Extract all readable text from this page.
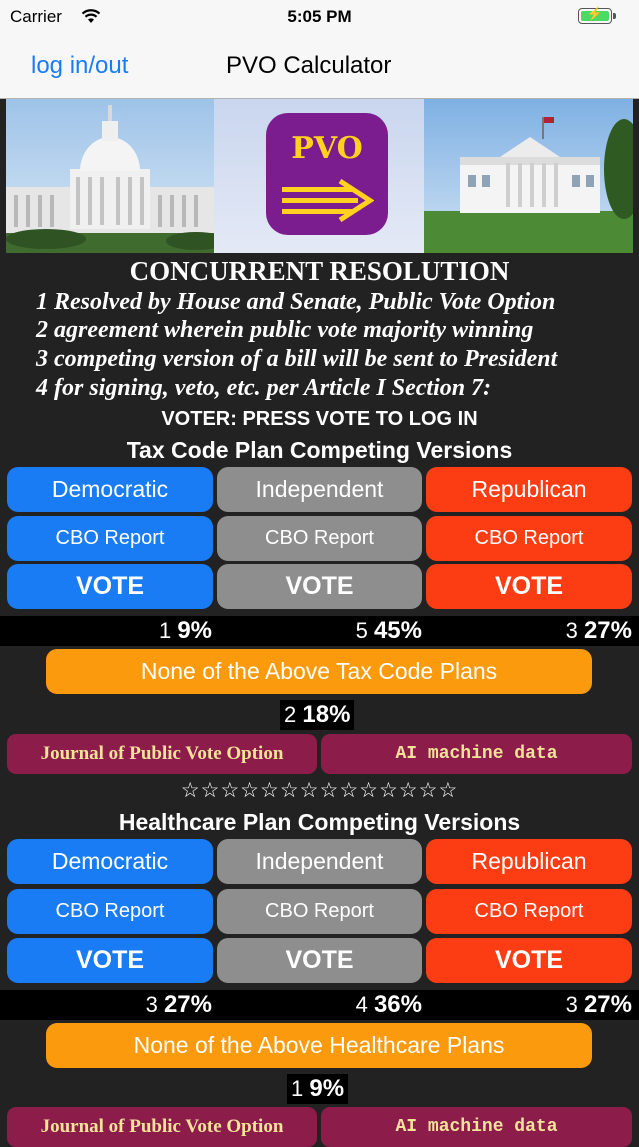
Carrier	5:05 PM	⚡
log in/out	PVO Calculator
PVO
CONCURRENT RESOLUTION
1 Resolved by House and Senate, Public Vote Option
2 agreement wherein public vote majority winning
3 competing version of a bill will be sent to President
4 for signing, veto, etc. per Article I Section 7:
VOTER: PRESS VOTE TO LOG IN
Tax Code Plan Competing Versions
Democratic	Independent	Republican
CBO Report	CBO Report	CBO Report
VOTE	VOTE	VOTE
1 9%	5 45%	3 27%
None of the Above Tax Code Plans
2 18%
Journal of Public Vote Option	AI machine data
☆☆☆☆☆☆☆☆☆☆☆☆☆☆
Healthcare Plan Competing Versions
Democratic	Independent	Republican
CBO Report	CBO Report	CBO Report
VOTE	VOTE	VOTE
3 27%	4 36%	3 27%
None of the Above Healthcare Plans
1 9%
Journal of Public Vote Option	AI machine data
